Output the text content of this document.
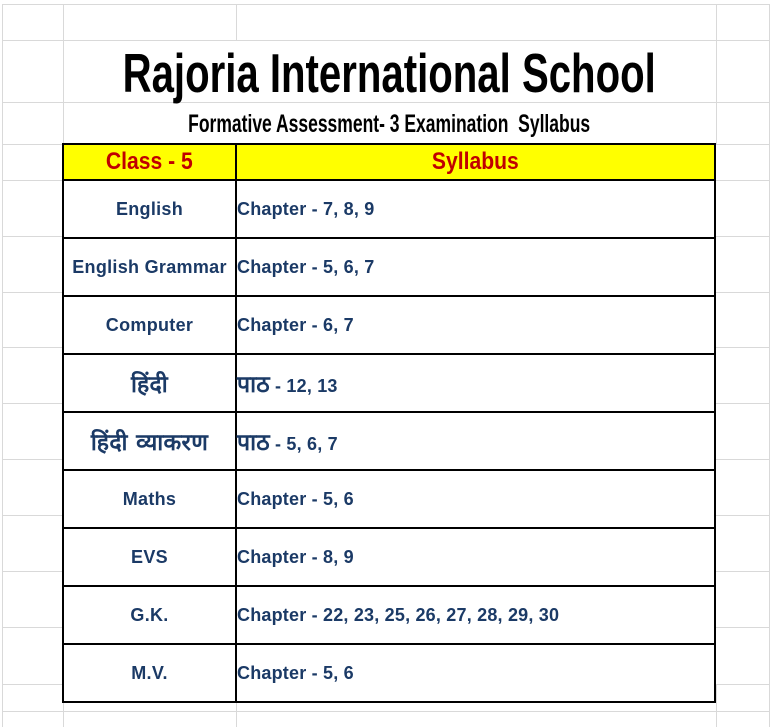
Rajoria International School
Formative Assessment- 3 Examination  Syllabus
Class - 5	Syllabus
English	Chapter - 7, 8, 9
English Grammar	Chapter - 5, 6, 7
Computer	Chapter - 6, 7
हिंदी	पाठ - 12, 13
हिंदी व्याकरण	पाठ - 5, 6, 7
Maths	Chapter - 5, 6
EVS	Chapter - 8, 9
G.K.	Chapter - 22, 23, 25, 26, 27, 28, 29, 30
M.V.	Chapter - 5, 6
